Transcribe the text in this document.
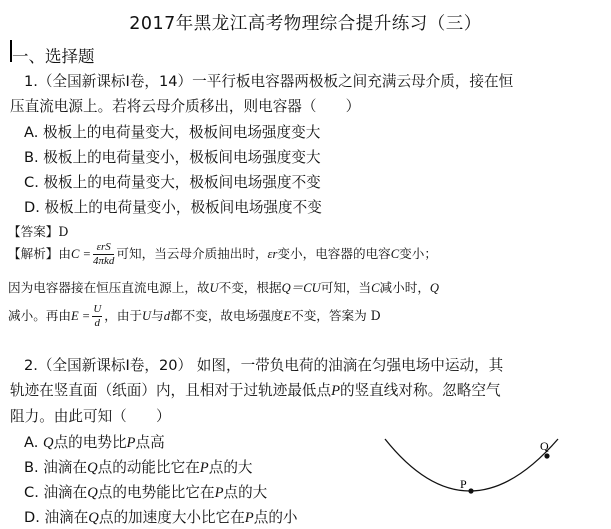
2017年黑龙江高考物理综合提升练习（三）
一、选择题
1.（全国新课标Ⅰ卷，14）一平行板电容器两极板之间充满云母介质，接在恒
压直流电源上。若将云母介质移出，则电容器（　　）
A. 极板上的电荷量变大，极板间电场强度变大
B. 极板上的电荷量变小，极板间电场强度变大
C. 极板上的电荷量变大，极板间电场强度不变
D. 极板上的电荷量变小，极板间电场强度不变
【答案】D
【解析】由$C = \frac{\text{εrS}}{\text{4πkd}}$ 可知，当云母介质抽出时，εr变小，电容器的电容C变小；
因为电容器接在恒压直流电源上，故U不变，根据Q＝CU可知，当C减小时，Q
减小。再由$E = \frac{U}{d}$ ，由于U与d都不变，故电场强度E不变，答案为 D
2.（全国新课标Ⅰ卷，20） 如图，一带负电荷的油滴在匀强电场中运动，其
轨迹在竖直面（纸面）内，且相对于过轨迹最低点P的竖直线对称。忽略空气
阻力。由此可知（　　）
A. Q点的电势比P点高
B. 油滴在Q点的动能比它在P点的大
C. 油滴在Q点的电势能比它在P点的大
D. 油滴在Q点的加速度大小比它在P点的小
P
Q
